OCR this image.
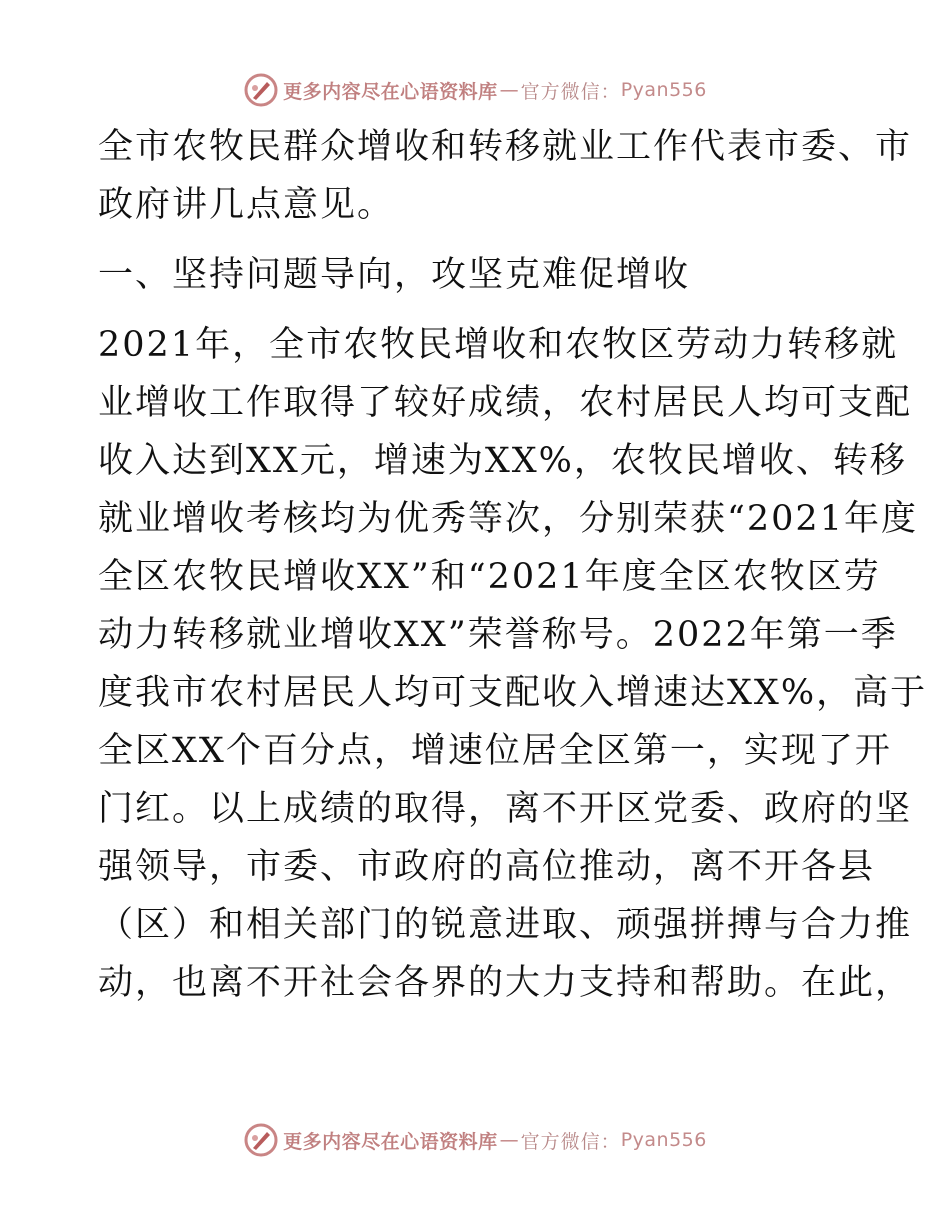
更多内容尽在心语资料库 — 官方微信： Pyan556
全市农牧民群众增收和转移就业工作代表市委、市
政府讲几点意见。
一、坚持问题导向，攻坚克难促增收
2021年，全市农牧民增收和农牧区劳动力转移就
业增收工作取得了较好成绩，农村居民人均可支配
收入达到XX元，增速为XX%，农牧民增收、转移
就业增收考核均为优秀等次，分别荣获“2021年度
全区农牧民增收XX”和“2021年度全区农牧区劳
动力转移就业增收XX”荣誉称号。2022年第一季
度我市农村居民人均可支配收入增速达XX%，高于
全区XX个百分点，增速位居全区第一，实现了开
门红。以上成绩的取得，离不开区党委、政府的坚
强领导，市委、市政府的高位推动，离不开各县
（区）和相关部门的锐意进取、顽强拼搏与合力推
动，也离不开社会各界的大力支持和帮助。在此，
更多内容尽在心语资料库 — 官方微信： Pyan556
